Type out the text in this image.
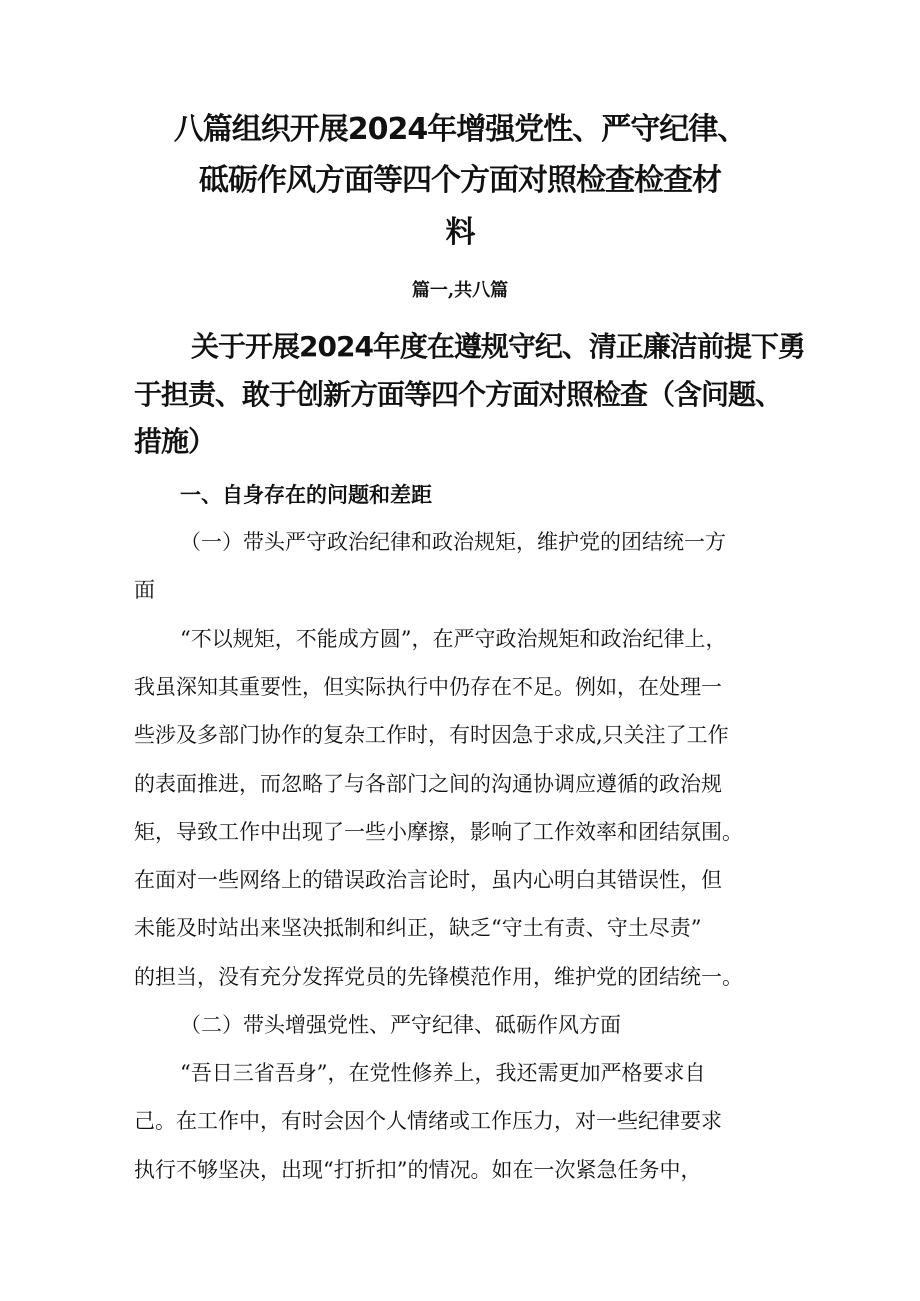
八篇组织开展2024年增强党性、严守纪律、
砥砺作风方面等四个方面对照检查检查材
料
篇一,共八篇
关于开展2024年度在遵规守纪、清正廉洁前提下勇
于担责、敢于创新方面等四个方面对照检查（含问题、
措施）
一、自身存在的问题和差距
（一）带头严守政治纪律和政治规矩，维护党的团结统一方
面
“不以规矩，不能成方圆”，在严守政治规矩和政治纪律上，
我虽深知其重要性，但实际执行中仍存在不足。例如，在处理一
些涉及多部门协作的复杂工作时，有时因急于求成,只关注了工作
的表面推进，而忽略了与各部门之间的沟通协调应遵循的政治规
矩，导致工作中出现了一些小摩擦，影响了工作效率和团结氛围。
在面对一些网络上的错误政治言论时，虽内心明白其错误性，但
未能及时站出来坚决抵制和纠正，缺乏“守土有责、守土尽责”
的担当，没有充分发挥党员的先锋模范作用，维护党的团结统一。
（二）带头增强党性、严守纪律、砥砺作风方面
“吾日三省吾身”，在党性修养上，我还需更加严格要求自
己。在工作中，有时会因个人情绪或工作压力，对一些纪律要求
执行不够坚决，出现“打折扣”的情况。如在一次紧急任务中，
